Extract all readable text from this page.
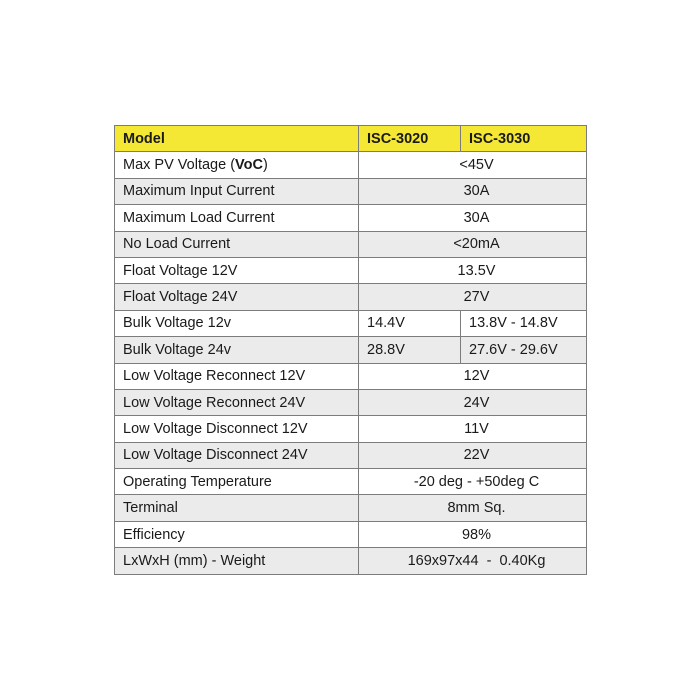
Model	ISC-3020	ISC-3030
Max PV Voltage (VoC)	<45V	
Maximum Input Current	30A	
Maximum Load Current	30A	
No Load Current	<20mA	
Float Voltage 12V	13.5V	
Float Voltage 24V	27V	
Bulk Voltage 12v	14.4V	13.8V - 14.8V
Bulk Voltage 24v	28.8V	27.6V - 29.6V
Low Voltage Reconnect 12V	12V	
Low Voltage Reconnect 24V	24V	
Low Voltage Disconnect 12V	11V	
Low Voltage Disconnect 24V	22V	
Operating Temperature	-20 deg - +50deg C	
Terminal	8mm Sq.	
Efficiency	98%	
LxWxH (mm) - Weight	169x97x44  -  0.40Kg	
